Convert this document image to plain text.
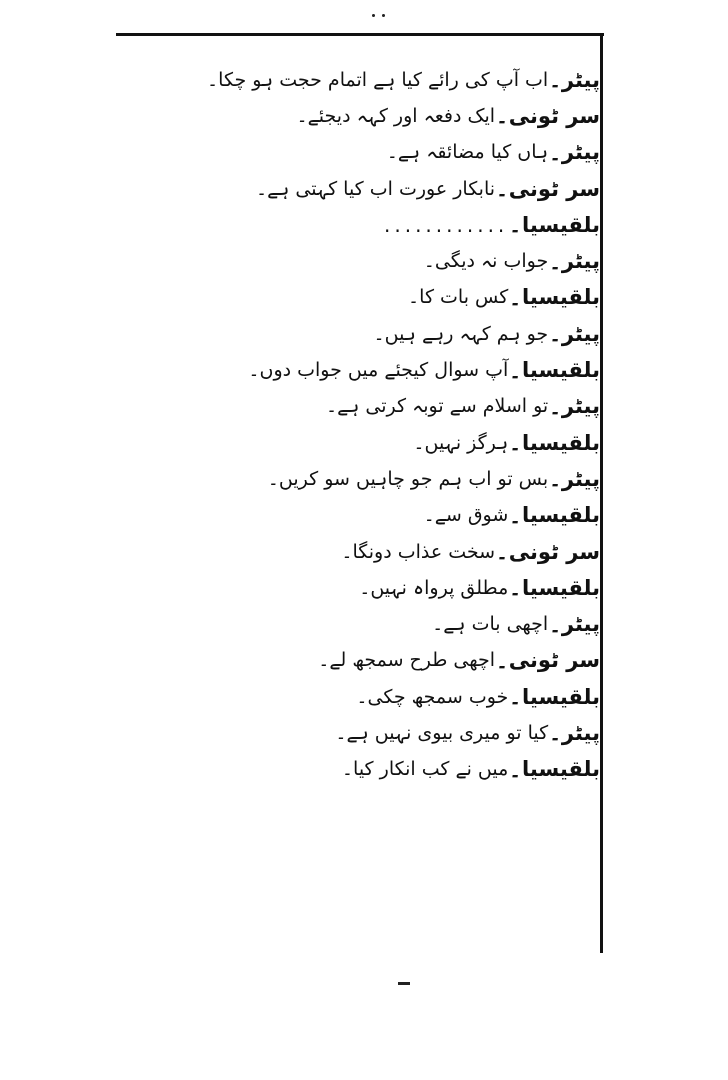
پیٹر
۔
اب آپ کی رائے کیا ہے اتمام حجت ہو چکا۔
سر ٹونی
۔
ایک دفعہ اور کہہ دیجئے۔
پیٹر
۔
ہاں کیا مضائقہ ہے۔
سر ٹونی
۔
نابکار عورت اب کیا کہتی ہے۔
بلقیسیا
۔
............
پیٹر
۔
جواب نہ دیگی۔
بلقیسیا
۔
کس بات کا۔
پیٹر
۔
جو ہم کہہ رہے ہیں۔
بلقیسیا
۔
آپ سوال کیجئے میں جواب دوں۔
پیٹر
۔
تو اسلام سے توبہ کرتی ہے۔
بلقیسیا
۔
ہرگز نہیں۔
پیٹر
۔
بس تو اب ہم جو چاہیں سو کریں۔
بلقیسیا
۔
شوق سے۔
سر ٹونی
۔
سخت عذاب دونگا۔
بلقیسیا
۔
مطلق پرواہ نہیں۔
پیٹر
۔
اچھی بات ہے۔
سر ٹونی
۔
اچھی طرح سمجھ لے۔
بلقیسیا
۔
خوب سمجھ چکی۔
پیٹر
۔
کیا تو میری بیوی نہیں ہے۔
بلقیسیا
۔
میں نے کب انکار کیا۔
